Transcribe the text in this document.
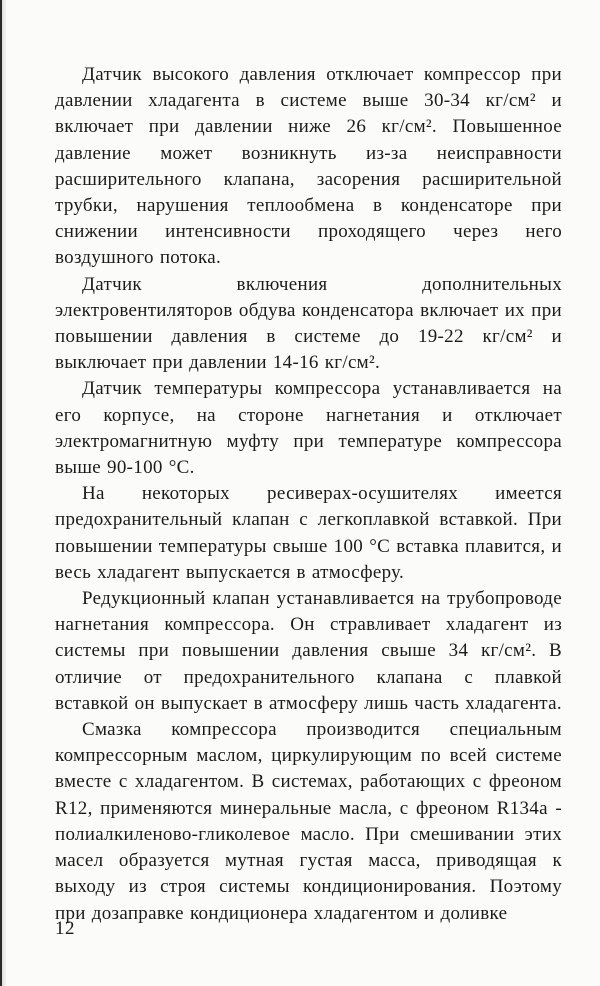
Датчик высокого давления отключает компрессор при давлении хладагента в системе выше 30-34 кг/см² и включает при давлении ниже 26 кг/см². Повышенное давление может возникнуть из-за неисправности расширительного клапана, засорения расширительной трубки, нарушения теплообмена в конденсаторе при снижении интенсивности проходящего через него воздушного потока.

Датчик включения дополнительных электровентиляторов обдува конденсатора включает их при повышении давления в системе до 19-22 кг/см² и выключает при давлении 14-16 кг/см².

Датчик температуры компрессора устанавливается на его корпусе, на стороне нагнетания и отключает электромагнитную муфту при температуре компрессора выше 90-100 °С.

На некоторых ресиверах-осушителях имеется предохранительный клапан с легкоплавкой вставкой. При повышении температуры свыше 100 °С вставка плавится, и весь хладагент выпускается в атмосферу.

Редукционный клапан устанавливается на трубопроводе нагнетания компрессора. Он стравливает хладагент из системы при повышении давления свыше 34 кг/см². В отличие от предохранительного клапана с плавкой вставкой он выпускает в атмосферу лишь часть хладагента.

Смазка компрессора производится специальным компрессорным маслом, циркулирующим по всей системе вместе с хладагентом. В системах, работающих с фреоном R12, применяются минеральные масла, с фреоном R134a - полиалкиленово-гликолевое масло. При смешивании этих масел образуется мутная густая масса, приводящая к выходу из строя системы кондиционирования. Поэтому при дозаправке кондиционера хладагентом и доливке

12
